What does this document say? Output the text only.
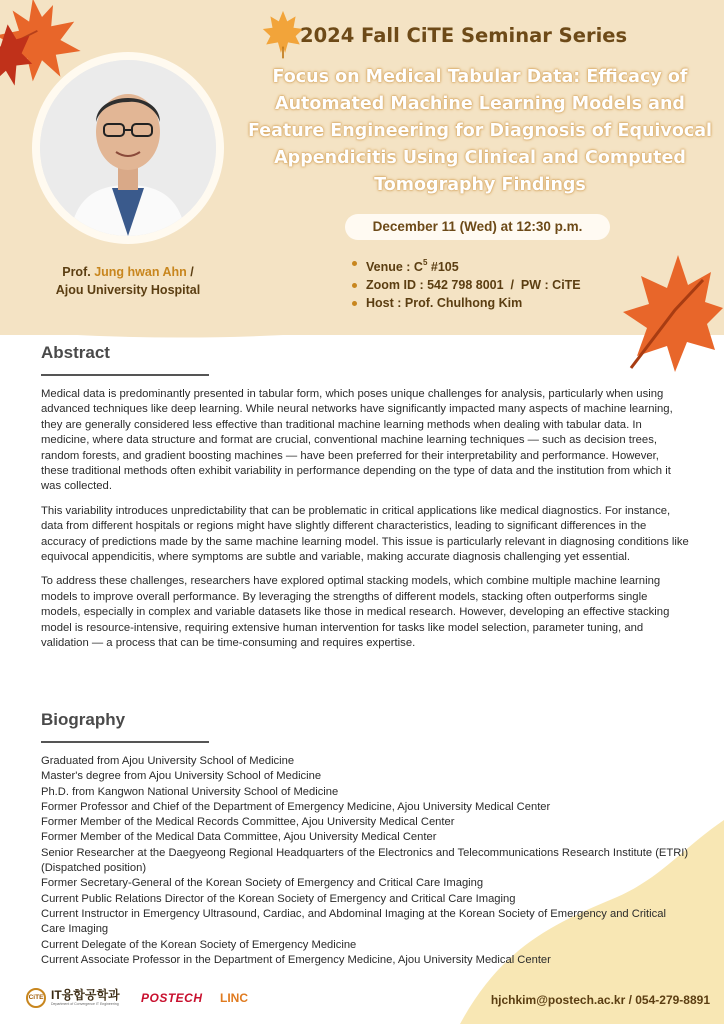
Prof. Jung hwan Ahn /
Ajou University Hospital
2024 Fall CiTE Seminar Series
Focus on Medical Tabular Data: Efficacy of Automated Machine Learning Models and Feature Engineering for Diagnosis of Equivocal Appendicitis Using Clinical and Computed Tomography Findings
December 11 (Wed) at 12:30 p.m.
Venue : $C^5$ #105
Zoom ID : 542 798 8001  /  PW : CiTE
Host : Prof. Chulhong Kim
Abstract

Medical data is predominantly presented in tabular form, which poses unique challenges for analysis, particularly when using advanced techniques like deep learning. While neural networks have significantly impacted many aspects of machine learning, they are generally considered less effective than traditional machine learning methods when dealing with tabular data. In medicine, where data structure and format are crucial, conventional machine learning techniques — such as decision trees, random forests, and gradient boosting machines — have been preferred for their interpretability and performance. However, these traditional methods often exhibit variability in performance depending on the type of data and the institution from which it was collected.

This variability introduces unpredictability that can be problematic in critical applications like medical diagnostics. For instance, data from different hospitals or regions might have slightly different characteristics, leading to significant differences in the accuracy of predictions made by the same machine learning model. This issue is particularly relevant in diagnosing conditions like equivocal appendicitis, where symptoms are subtle and variable, making accurate diagnosis challenging yet essential.

To address these challenges, researchers have explored optimal stacking models, which combine multiple machine learning models to improve overall performance. By leveraging the strengths of different models, stacking often outperforms single models, especially in complex and variable datasets like those in medical research. However, developing an effective stacking model is resource-intensive, requiring extensive human intervention for tasks like model selection, parameter tuning, and validation — a process that can be time-consuming and requires expertise.

Biography
Graduated from Ajou University School of Medicine
Master's degree from Ajou University School of Medicine
Ph.D. from Kangwon National University School of Medicine
Former Professor and Chief of the Department of Emergency Medicine, Ajou University Medical Center
Former Member of the Medical Records Committee, Ajou University Medical Center
Former Member of the Medical Data Committee, Ajou University Medical Center
Senior Researcher at the Daegyeong Regional Headquarters of the Electronics and Telecommunications Research Institute (ETRI) (Dispatched position)
Former Secretary-General of the Korean Society of Emergency and Critical Care Imaging
Current Public Relations Director of the Korean Society of Emergency and Critical Care Imaging
Current Instructor in Emergency Ultrasound, Cardiac, and Abdominal Imaging at the Korean Society of Emergency and Critical Care Imaging
Current Delegate of the Korean Society of Emergency Medicine
Current Associate Professor in the Department of Emergency Medicine, Ajou University Medical Center
CiTE IT융합공학과
Department of Convergence IT Engineering POSTECH LINC	hjchkim@postech.ac.kr / 054-279-8891
